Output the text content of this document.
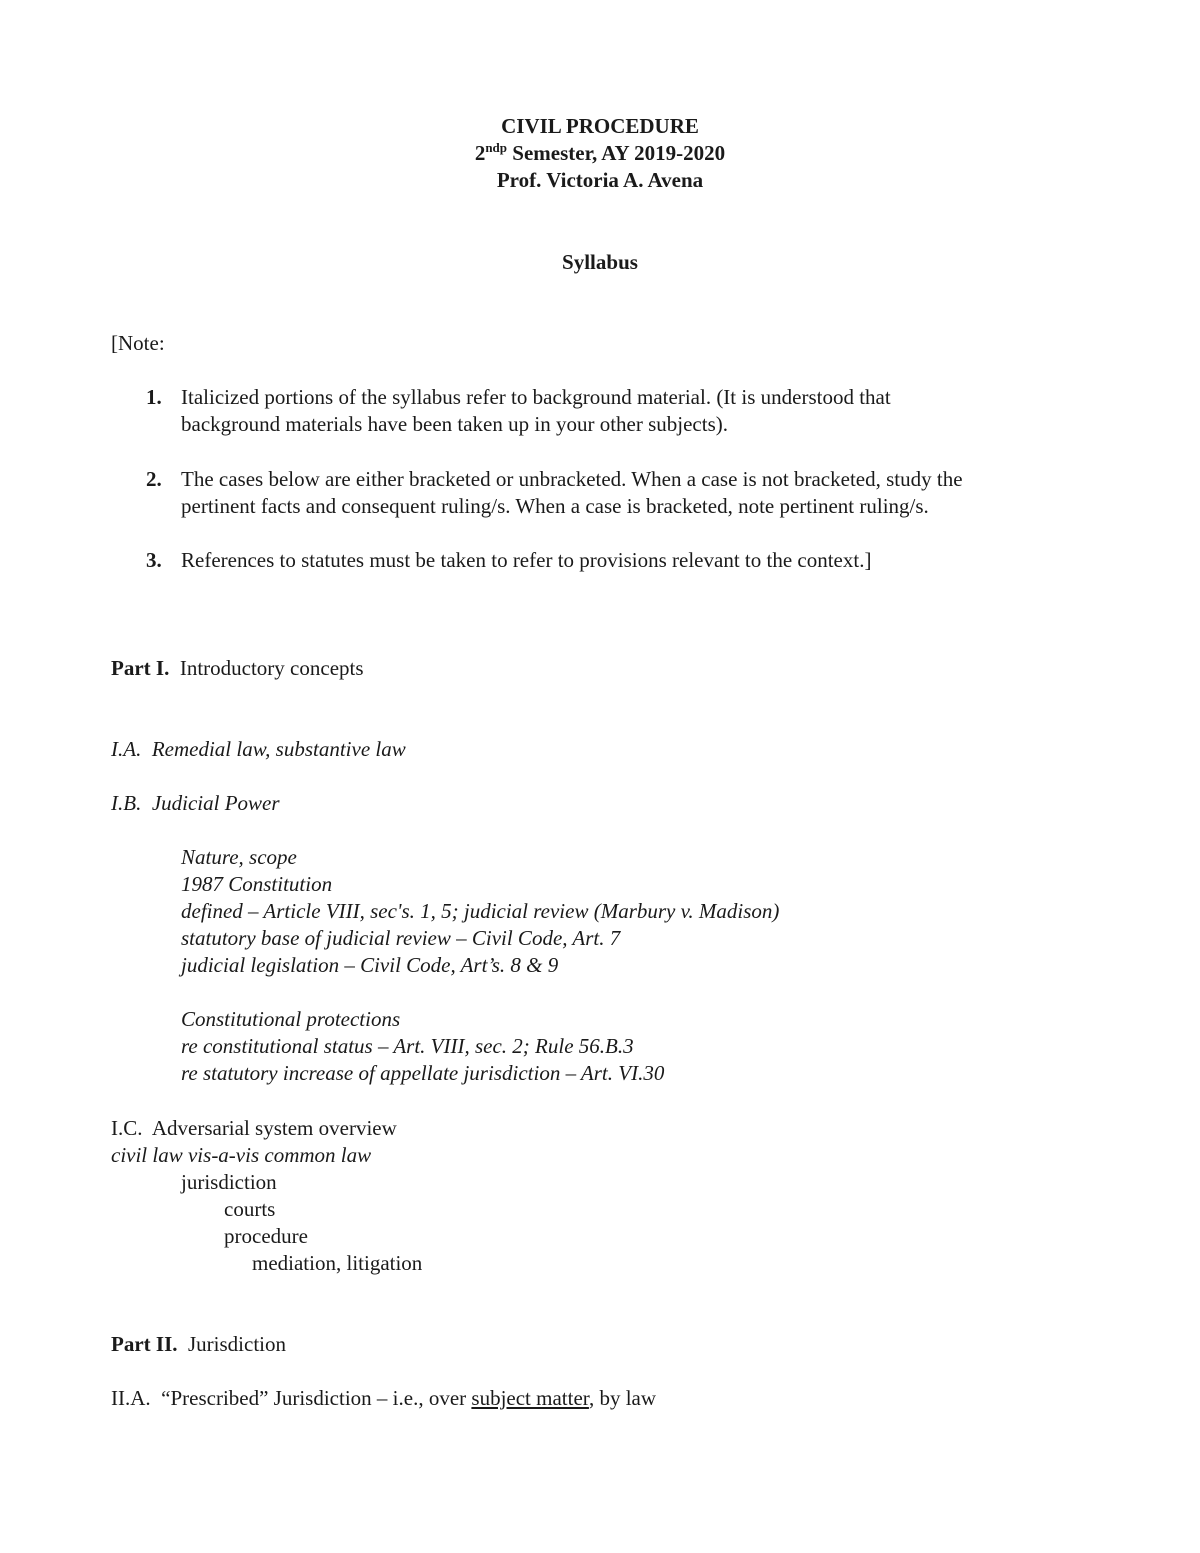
CIVIL PROCEDURE
$2^{ndp}$ Semester, AY 2019-2020
Prof. Victoria A. Avena
Syllabus
[Note:
1. Italicized portions of the syllabus refer to background material. (It is understood that
background materials have been taken up in your other subjects).
2. The cases below are either bracketed or unbracketed. When a case is not bracketed, study the
pertinent facts and consequent ruling/s. When a case is bracketed, note pertinent ruling/s.
3. References to statutes must be taken to refer to provisions relevant to the context.]
Part I.  Introductory concepts
I.A.  Remedial law, substantive law
I.B.  Judicial Power
Nature, scope
1987 Constitution
defined – Article VIII, sec's. 1, 5; judicial review (Marbury v. Madison)
statutory base of judicial review – Civil Code, Art. 7
judicial legislation – Civil Code, Art’s. 8 & 9
Constitutional protections
re constitutional status – Art. VIII, sec. 2; Rule 56.B.3
re statutory increase of appellate jurisdiction – Art. VI.30
I.C.  Adversarial system overview
civil law vis-a-vis common law
jurisdiction
courts
procedure
mediation, litigation
Part II.  Jurisdiction
II.A.  “Prescribed” Jurisdiction – i.e., over subject matter, by law
